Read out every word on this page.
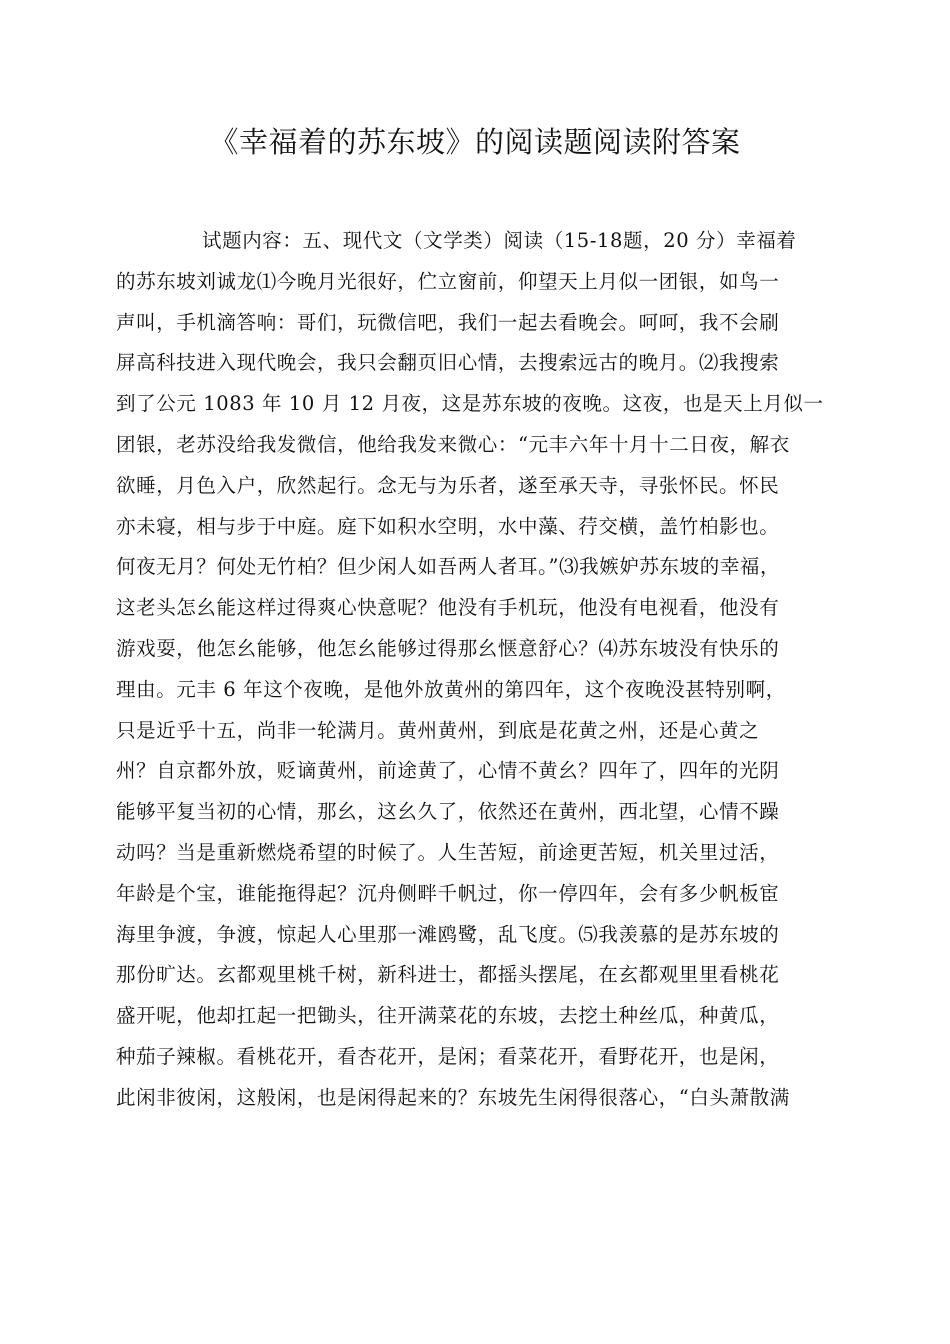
《幸福着的苏东坡》的阅读题阅读附答案
试题内容：五、现代文（文学类）阅读（15-18题，20 分）幸福着
的苏东坡刘诚龙⑴今晚月光很好，伫立窗前，仰望天上月似一团银，如鸟一
声叫，手机滴答响：哥们，玩微信吧，我们一起去看晚会。呵呵，我不会刷
屏高科技进入现代晚会，我只会翻页旧心情，去搜索远古的晚月。⑵我搜索
到了公元 1083 年 10 月 12 月夜，这是苏东坡的夜晚。这夜，也是天上月似一
团银，老苏没给我发微信，他给我发来微心：“元丰六年十月十二日夜，解衣
欲睡，月色入户，欣然起行。念无与为乐者，遂至承天寺，寻张怀民。怀民
亦未寝，相与步于中庭。庭下如积水空明，水中藻、荇交横，盖竹柏影也。
何夜无月？何处无竹柏？但少闲人如吾两人者耳。”⑶我嫉妒苏东坡的幸福，
这老头怎幺能这样过得爽心快意呢？他没有手机玩，他没有电视看，他没有
游戏耍，他怎幺能够，他怎幺能够过得那幺惬意舒心？⑷苏东坡没有快乐的
理由。元丰 6 年这个夜晚，是他外放黄州的第四年，这个夜晚没甚特别啊，
只是近乎十五，尚非一轮满月。黄州黄州，到底是花黄之州，还是心黄之
州？自京都外放，贬谪黄州，前途黄了，心情不黄幺？四年了，四年的光阴
能够平复当初的心情，那幺，这幺久了，依然还在黄州，西北望，心情不躁
动吗？当是重新燃烧希望的时候了。人生苦短，前途更苦短，机关里过活，
年龄是个宝，谁能拖得起？沉舟侧畔千帆过，你一停四年，会有多少帆板宦
海里争渡，争渡，惊起人心里那一滩鸥鹭，乱飞度。⑸我羡慕的是苏东坡的
那份旷达。玄都观里桃千树，新科进士，都摇头摆尾，在玄都观里里看桃花
盛开呢，他却扛起一把锄头，往开满菜花的东坡，去挖土种丝瓜，种黄瓜，
种茄子辣椒。看桃花开，看杏花开，是闲；看菜花开，看野花开，也是闲，
此闲非彼闲，这般闲，也是闲得起来的？东坡先生闲得很落心，“白头萧散满
